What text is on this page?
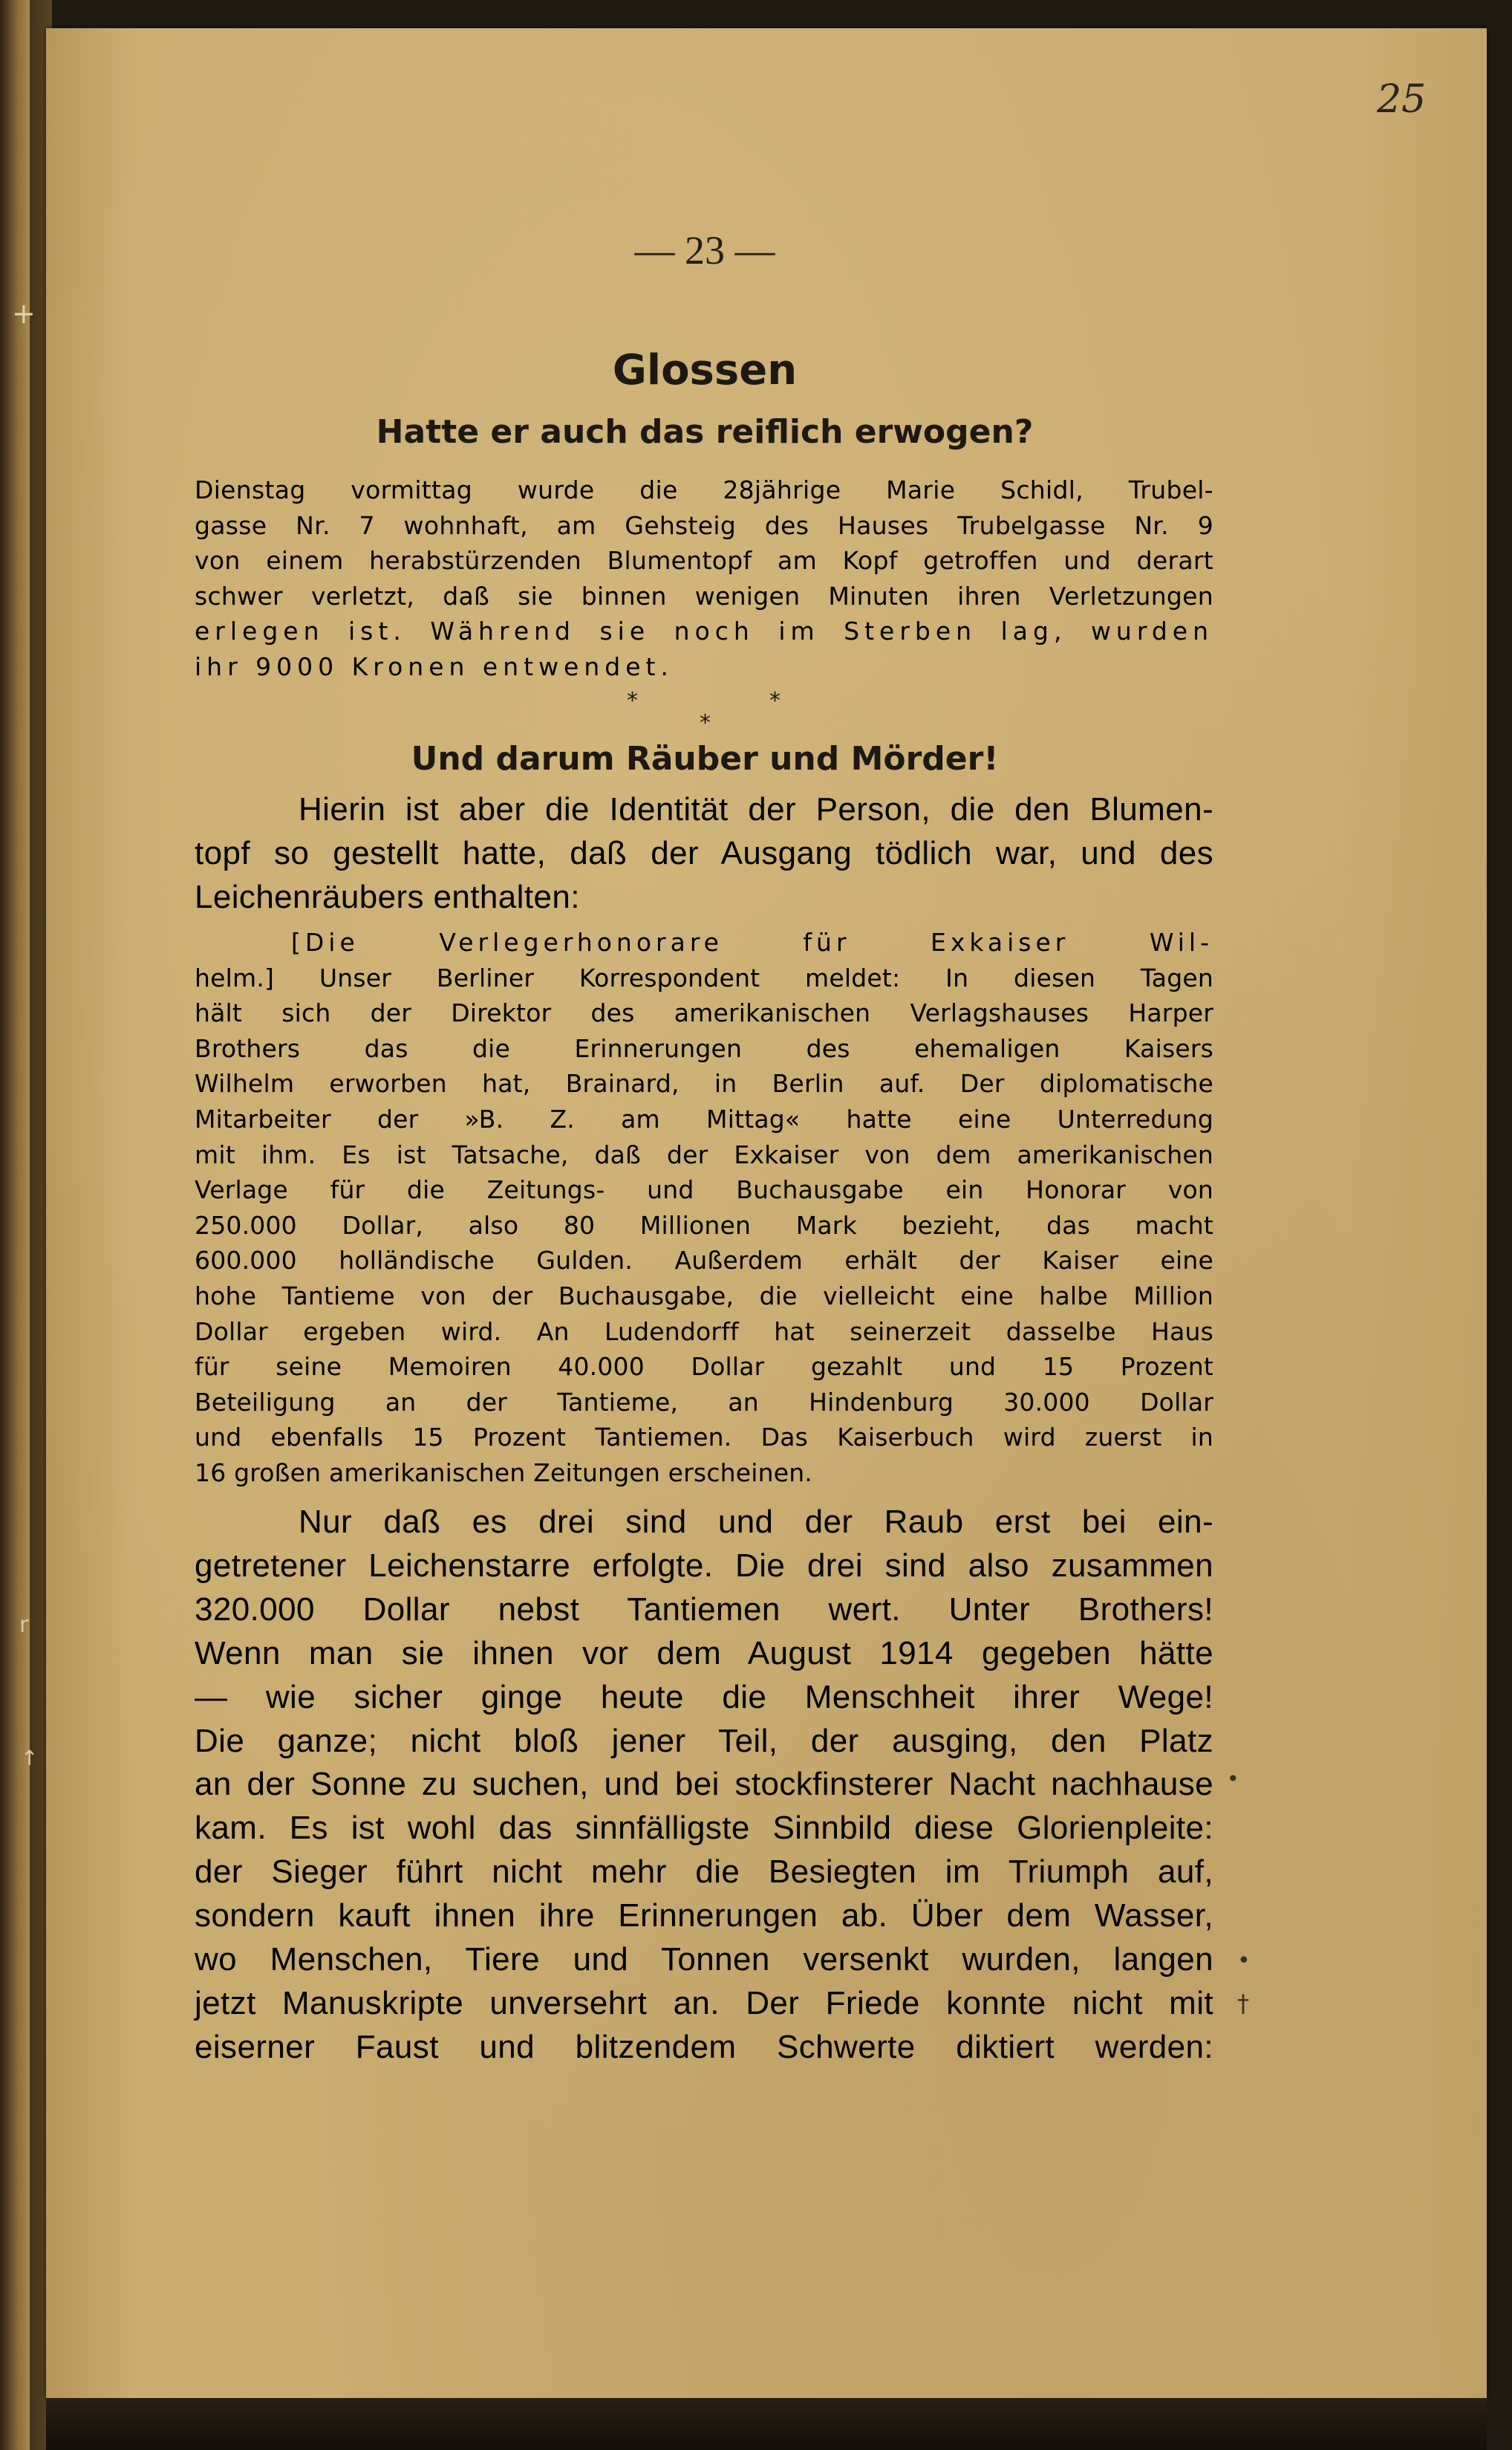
25
— 23 —
Glossen
Hatte er auch das reiflich erwogen?
Dienstag vormittag wurde die 28jährige Marie Schidl, Trubel-
gasse Nr. 7 wohnhaft, am Gehsteig des Hauses Trubelgasse Nr. 9
von einem herabstürzenden Blumentopf am Kopf getroffen und derart
schwer verletzt, daß sie binnen wenigen Minuten ihren Verletzungen
erlegen ist. Während sie noch im Sterben lag, wurden
ihr 9000 Kronen entwendet.
*
*
*
Und darum Räuber und Mörder!
Hierin ist aber die Identität der Person, die den Blumen-
topf so gestellt hatte, daß der Ausgang tödlich war, und des
Leichenräubers enthalten:
[Die Verlegerhonorare für Exkaiser Wil-
helm.] Unser Berliner Korrespondent meldet: In diesen Tagen
hält sich der Direktor des amerikanischen Verlagshauses Harper
Brothers das die Erinnerungen des ehemaligen Kaisers
Wilhelm erworben hat, Brainard, in Berlin auf. Der diplomatische
Mitarbeiter der »B. Z. am Mittag« hatte eine Unterredung
mit ihm. Es ist Tatsache, daß der Exkaiser von dem amerikanischen
Verlage für die Zeitungs- und Buchausgabe ein Honorar von
250.000 Dollar, also 80 Millionen Mark bezieht, das macht
600.000 holländische Gulden. Außerdem erhält der Kaiser eine
hohe Tantieme von der Buchausgabe, die vielleicht eine halbe Million
Dollar ergeben wird. An Ludendorff hat seinerzeit dasselbe Haus
für seine Memoiren 40.000 Dollar gezahlt und 15 Prozent
Beteiligung an der Tantieme, an Hindenburg 30.000 Dollar
und ebenfalls 15 Prozent Tantiemen. Das Kaiserbuch wird zuerst in
16 großen amerikanischen Zeitungen erscheinen.
Nur daß es drei sind und der Raub erst bei ein-
getretener Leichenstarre erfolgte. Die drei sind also zusammen
320.000 Dollar nebst Tantiemen wert. Unter Brothers!
Wenn man sie ihnen vor dem August 1914 gegeben hätte
— wie sicher ginge heute die Menschheit ihrer Wege!
Die ganze; nicht bloß jener Teil, der ausging, den Platz
an der Sonne zu suchen, und bei stockfinsterer Nacht nachhause
kam. Es ist wohl das sinnfälligste Sinnbild diese Glorienpleite:
der Sieger führt nicht mehr die Besiegten im Triumph auf,
sondern kauft ihnen ihre Erinnerungen ab. Über dem Wasser,
wo Menschen, Tiere und Tonnen versenkt wurden, langen
jetzt Manuskripte unversehrt an. Der Friede konnte nicht mit
eiserner Faust und blitzendem Schwerte diktiert werden:
•
•
†
+
r
↑
